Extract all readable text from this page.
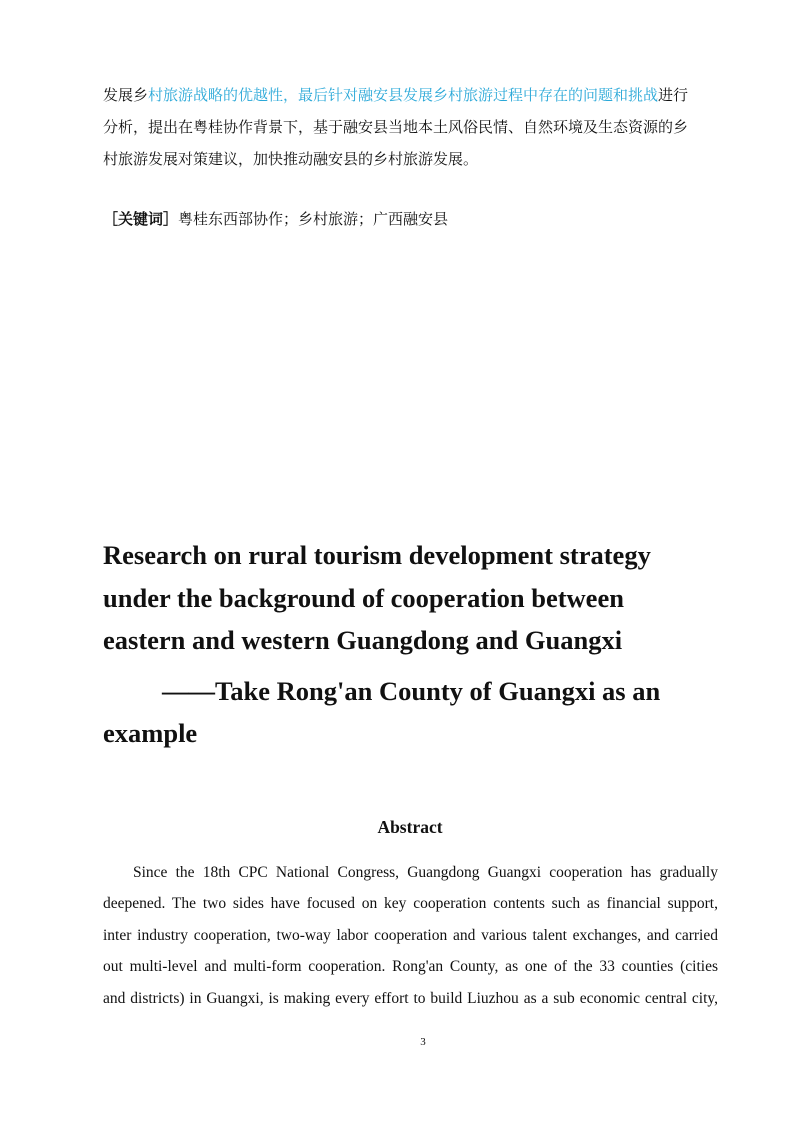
发展乡村旅游战略的优越性，最后针对融安县发展乡村旅游过程中存在的问题和挑战进行
分析，提出在粤桂协作背景下，基于融安县当地本土风俗民情、自然环境及生态资源的乡
村旅游发展对策建议，加快推动融安县的乡村旅游发展。
［关键词］粤桂东西部协作；乡村旅游；广西融安县
Research on rural tourism development strategy
under the background of cooperation between
eastern and western Guangdong and Guangxi
——Take Rong'an County of Guangxi as an
example
Abstract
Since the 18th CPC National Congress, Guangdong Guangxi cooperation has gradually
deepened. The two sides have focused on key cooperation contents such as financial support,
inter industry cooperation, two-way labor cooperation and various talent exchanges, and carried
out multi-level and multi-form cooperation. Rong'an County, as one of the 33 counties (cities
and districts) in Guangxi, is making every effort to build Liuzhou as a sub economic central city,
3
